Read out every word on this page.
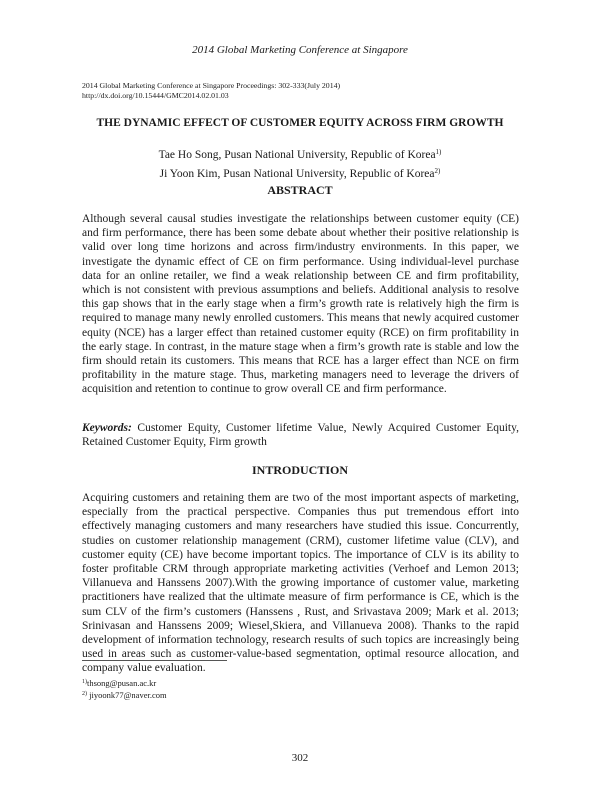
2014 Global Marketing Conference at Singapore
2014 Global Marketing Conference at Singapore Proceedings: 302-333(July 2014)
http://dx.doi.org/10.15444/GMC2014.02.01.03
THE DYNAMIC EFFECT OF CUSTOMER EQUITY ACROSS FIRM GROWTH
Tae Ho Song, Pusan National University, Republic of Korea$^{1)}$
Ji Yoon Kim, Pusan National University, Republic of Korea$^{2)}$
ABSTRACT

Although several causal studies investigate the relationships between customer equity (CE) and firm performance, there has been some debate about whether their positive relationship is valid over long time horizons and across firm/industry environments. In this paper, we investigate the dynamic effect of CE on firm performance. Using individual-level purchase data for an online retailer, we find a weak relationship between CE and firm profitability, which is not consistent with previous assumptions and beliefs. Additional analysis to resolve this gap shows that in the early stage when a firm’s growth rate is relatively high the firm is required to manage many newly enrolled customers. This means that newly acquired customer equity (NCE) has a larger effect than retained customer equity (RCE) on firm profitability in the early stage. In contrast, in the mature stage when a firm’s growth rate is stable and low the firm should retain its customers. This means that RCE has a larger effect than NCE on firm profitability in the mature stage. Thus, marketing managers need to leverage the drivers of acquisition and retention to continue to grow overall CE and firm performance.

Keywords: Customer Equity, Customer lifetime Value, Newly Acquired Customer Equity, Retained Customer Equity, Firm growth

INTRODUCTION

Acquiring customers and retaining them are two of the most important aspects of marketing, especially from the practical perspective. Companies thus put tremendous effort into effectively managing customers and many researchers have studied this issue. Concurrently, studies on customer relationship management (CRM), customer lifetime value (CLV), and customer equity (CE) have become important topics. The importance of CLV is its ability to foster profitable CRM through appropriate marketing activities (Verhoef and Lemon 2013; Villanueva and Hanssens 2007).With the growing importance of customer value, marketing practitioners have realized that the ultimate measure of firm performance is CE, which is the sum CLV of the firm’s customers (Hanssens , Rust, and Srivastava 2009; Mark et al. 2013; Srinivasan and Hanssens 2009; Wiesel,Skiera, and Villanueva 2008). Thanks to the rapid development of information technology, research results of such topics are increasingly being used in areas such as customer-value-based segmentation, optimal resource allocation, and company value evaluation.

$^{1)}$thsong@pusan.ac.kr
$^{2)}$ jiyoonk77@naver.com
302
